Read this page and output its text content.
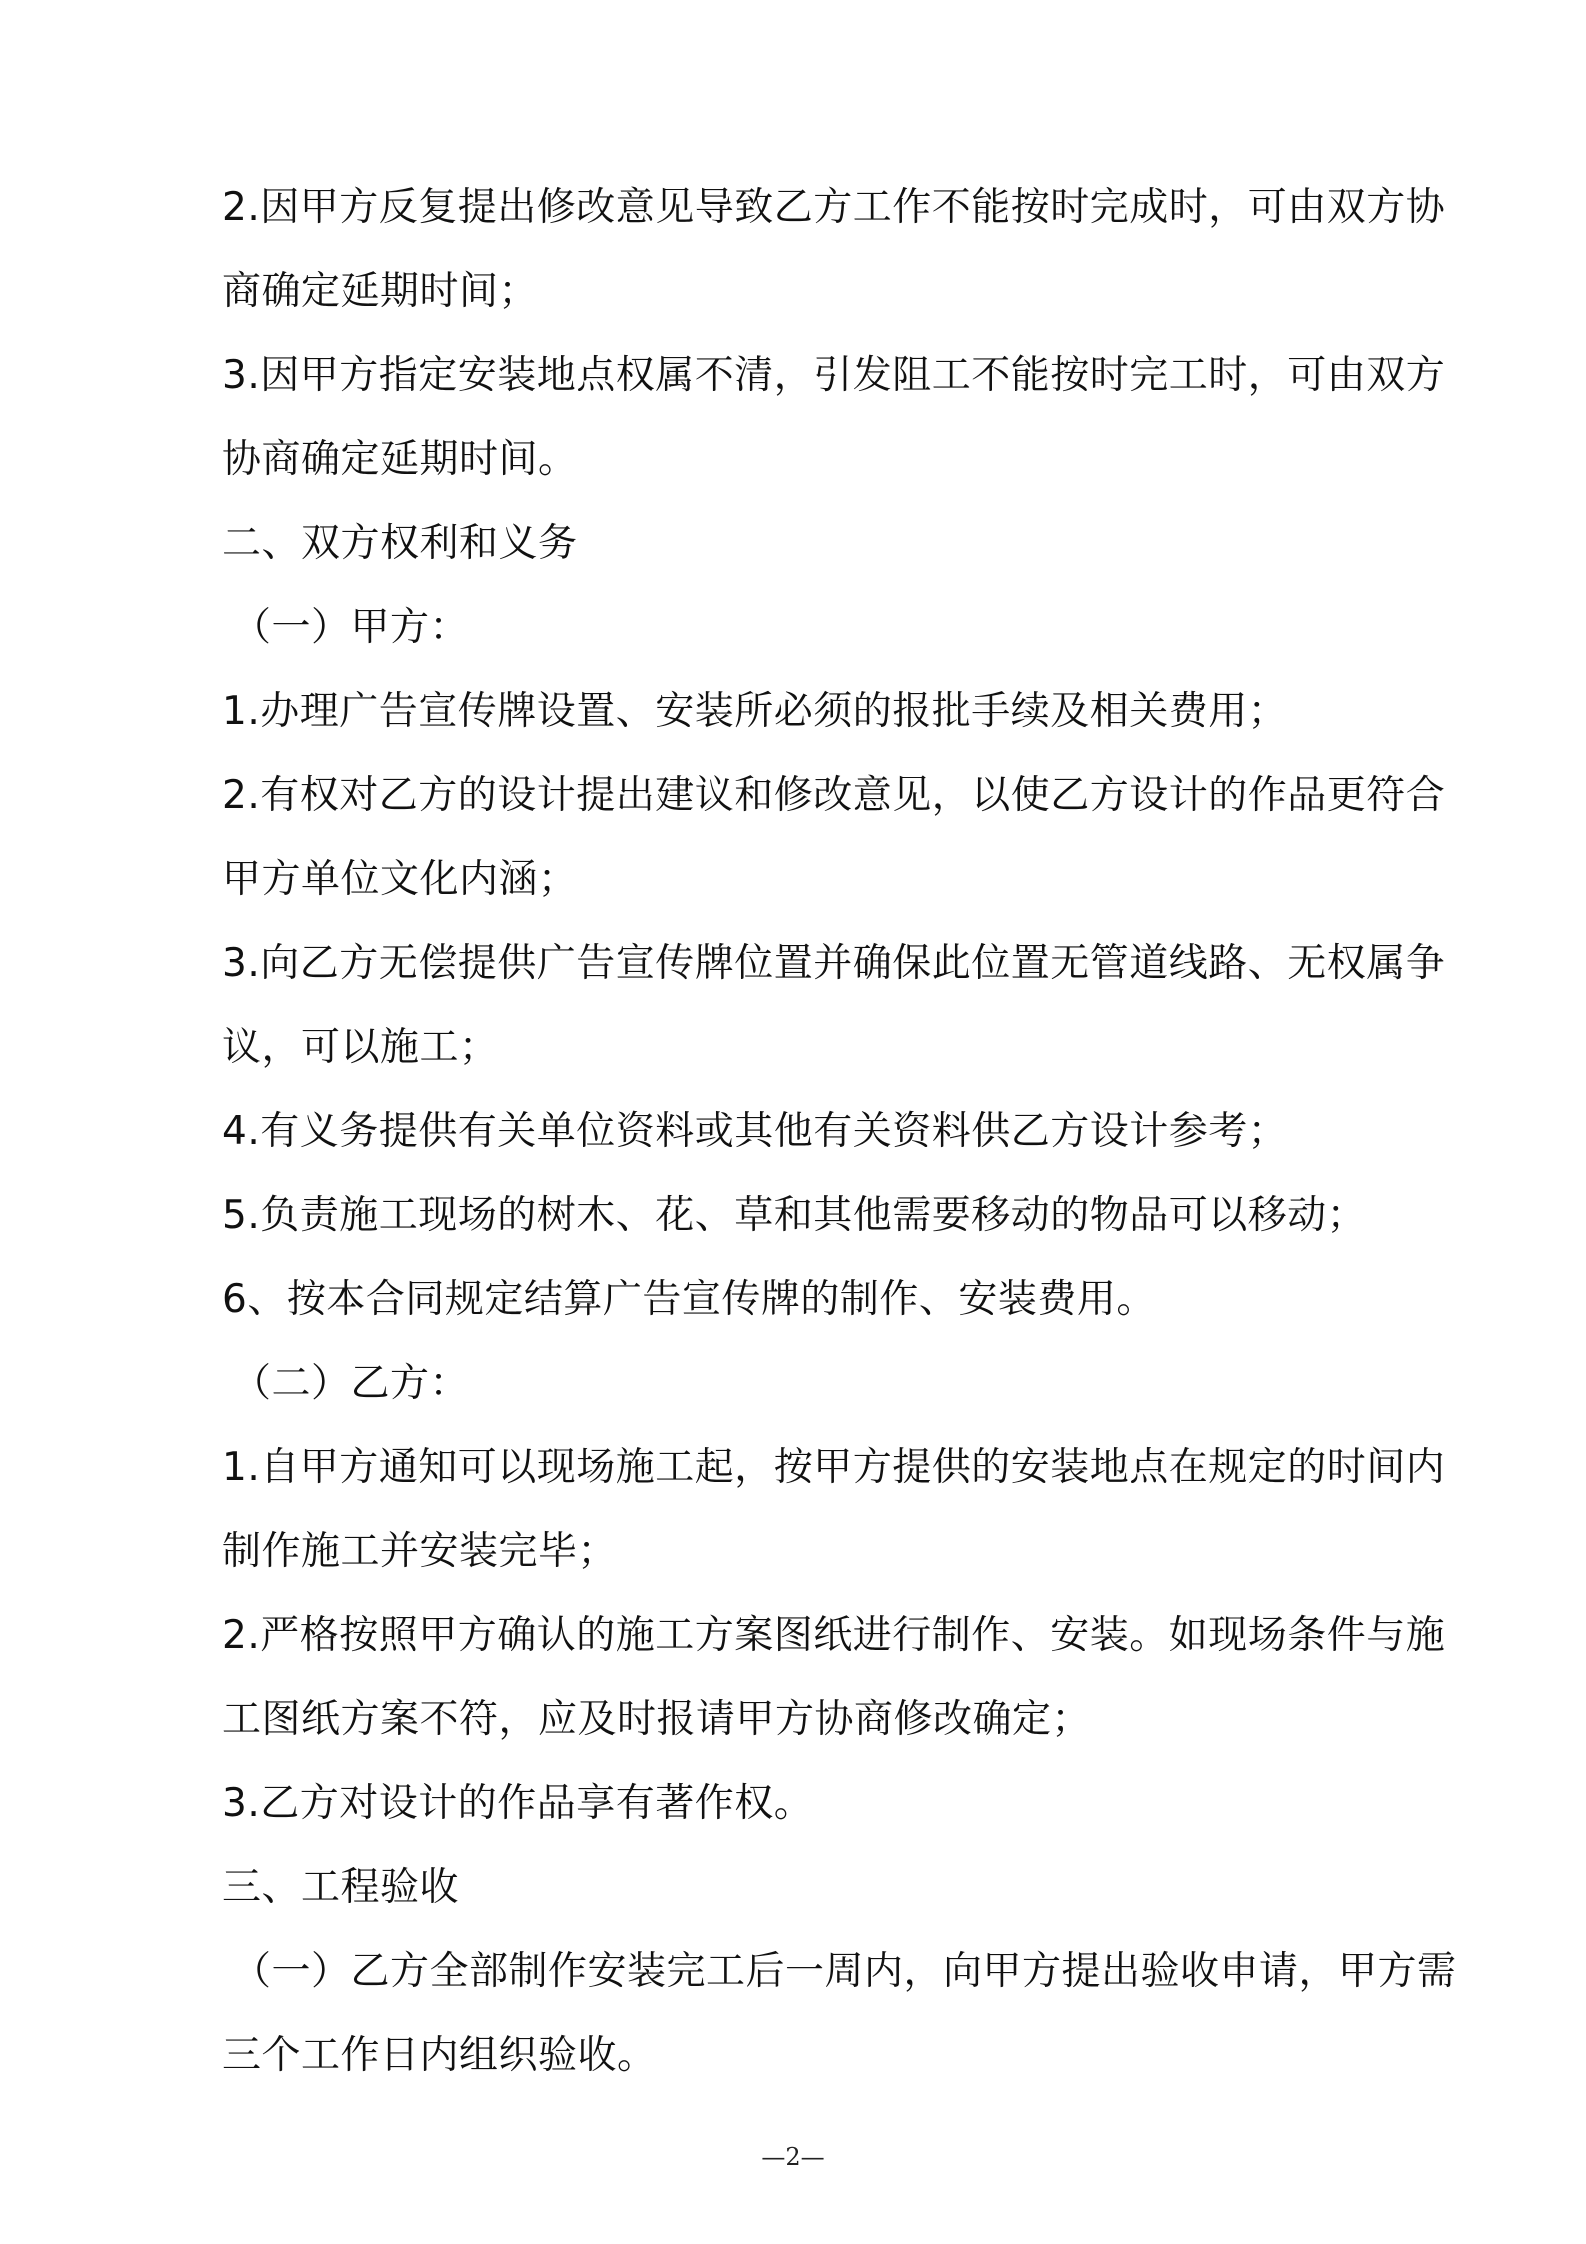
2.因甲方反复提出修改意见导致乙方工作不能按时完成时，可由双方协
商确定延期时间；
3.因甲方指定安装地点权属不清，引发阻工不能按时完工时，可由双方
协商确定延期时间。
二、双方权利和义务
（一）甲方：
1.办理广告宣传牌设置、安装所必须的报批手续及相关费用；
2.有权对乙方的设计提出建议和修改意见，以使乙方设计的作品更符合
甲方单位文化内涵；
3.向乙方无偿提供广告宣传牌位置并确保此位置无管道线路、无权属争
议，可以施工；
4.有义务提供有关单位资料或其他有关资料供乙方设计参考；
5.负责施工现场的树木、花、草和其他需要移动的物品可以移动；
6、按本合同规定结算广告宣传牌的制作、安装费用。
（二）乙方：
1.自甲方通知可以现场施工起，按甲方提供的安装地点在规定的时间内
制作施工并安装完毕；
2.严格按照甲方确认的施工方案图纸进行制作、安装。如现场条件与施
工图纸方案不符，应及时报请甲方协商修改确定；
3.乙方对设计的作品享有著作权。
三、工程验收
（一）乙方全部制作安装完工后一周内，向甲方提出验收申请，甲方需
三个工作日内组织验收。
—2—
